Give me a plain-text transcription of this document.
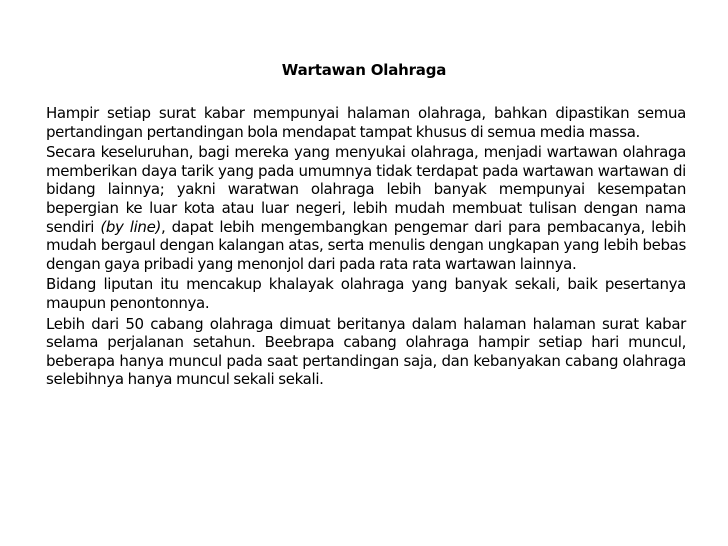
Wartawan Olahraga

Hampir setiap surat kabar mempunyai halaman olahraga, bahkan dipastikan semua pertandingan pertandingan bola mendapat tampat khusus di semua media massa.

Secara keseluruhan, bagi mereka yang menyukai olahraga, menjadi wartawan olahraga memberikan daya tarik yang pada umumnya tidak terdapat pada wartawan wartawan di bidang lainnya; yakni waratwan olahraga lebih banyak mempunyai kesempatan bepergian ke luar kota atau luar negeri, lebih mudah membuat tulisan dengan nama sendiri (by line), dapat lebih mengembangkan pengemar dari para pembacanya, lebih mudah bergaul dengan kalangan atas, serta menulis dengan ungkapan yang lebih bebas dengan gaya pribadi yang menonjol dari pada rata rata wartawan lainnya.

Bidang liputan itu mencakup khalayak olahraga yang banyak sekali, baik pesertanya maupun penontonnya.

Lebih dari 50 cabang olahraga dimuat beritanya dalam halaman halaman surat kabar selama perjalanan setahun. Beebrapa cabang olahraga hampir setiap hari muncul, beberapa hanya muncul pada saat pertandingan saja, dan kebanyakan cabang olahraga selebihnya hanya muncul sekali sekali.
